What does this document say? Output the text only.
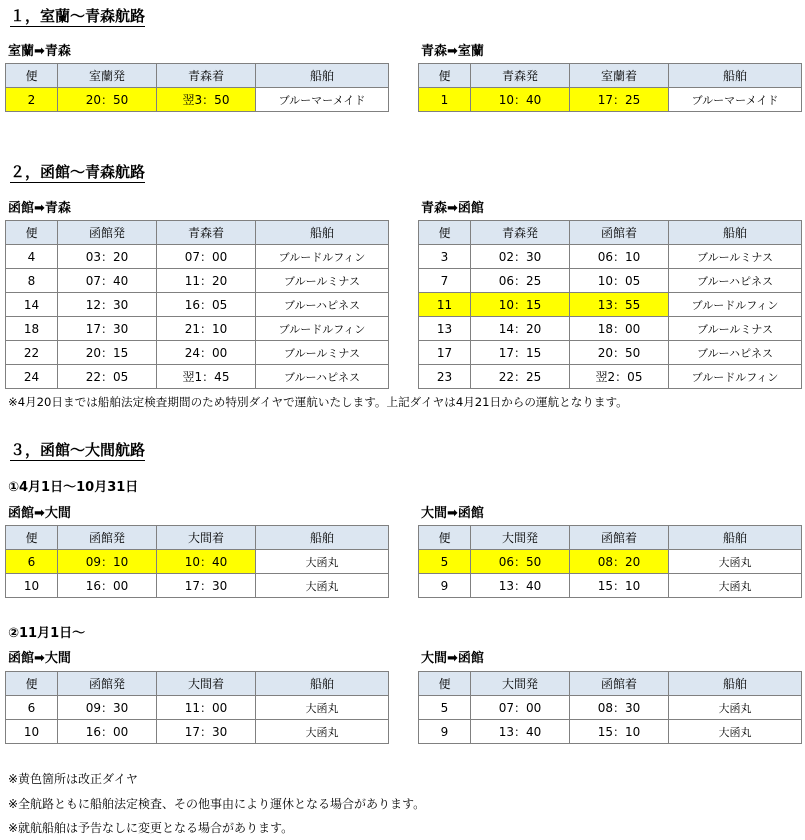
１，室蘭～青森航路
室蘭➡青森
便	室蘭発	青森着	船舶
2	20：50	翌3：50	ブルーマーメイド
青森➡室蘭
便	青森発	室蘭着	船舶
1	10：40	17：25	ブルーマーメイド
２，函館～青森航路
函館➡青森
便	函館発	青森着	船舶
4	03：20	07：00	ブルードルフィン
8	07：40	11：20	ブルールミナス
14	12：30	16：05	ブルーハピネス
18	17：30	21：10	ブルードルフィン
22	20：15	24：00	ブルールミナス
24	22：05	翌1：45	ブルーハピネス
青森➡函館
便	青森発	函館着	船舶
3	02：30	06：10	ブルールミナス
7	06：25	10：05	ブルーハピネス
11	10：15	13：55	ブルードルフィン
13	14：20	18：00	ブルールミナス
17	17：15	20：50	ブルーハピネス
23	22：25	翌2：05	ブルードルフィン
※4月20日までは船舶法定検査期間のため特別ダイヤで運航いたします。上記ダイヤは4月21日からの運航となります。
３，函館～大間航路
①4月1日～10月31日
函館➡大間
便	函館発	大間着	船舶
6	09：10	10：40	大函丸
10	16：00	17：30	大函丸
大間➡函館
便	大間発	函館着	船舶
5	06：50	08：20	大函丸
9	13：40	15：10	大函丸
②11月1日～
函館➡大間
便	函館発	大間着	船舶
6	09：30	11：00	大函丸
10	16：00	17：30	大函丸
大間➡函館
便	大間発	函館着	船舶
5	07：00	08：30	大函丸
9	13：40	15：10	大函丸
※黄色箇所は改正ダイヤ
※全航路ともに船舶法定検査、その他事由により運休となる場合があります。
※就航船舶は予告なしに変更となる場合があります。
